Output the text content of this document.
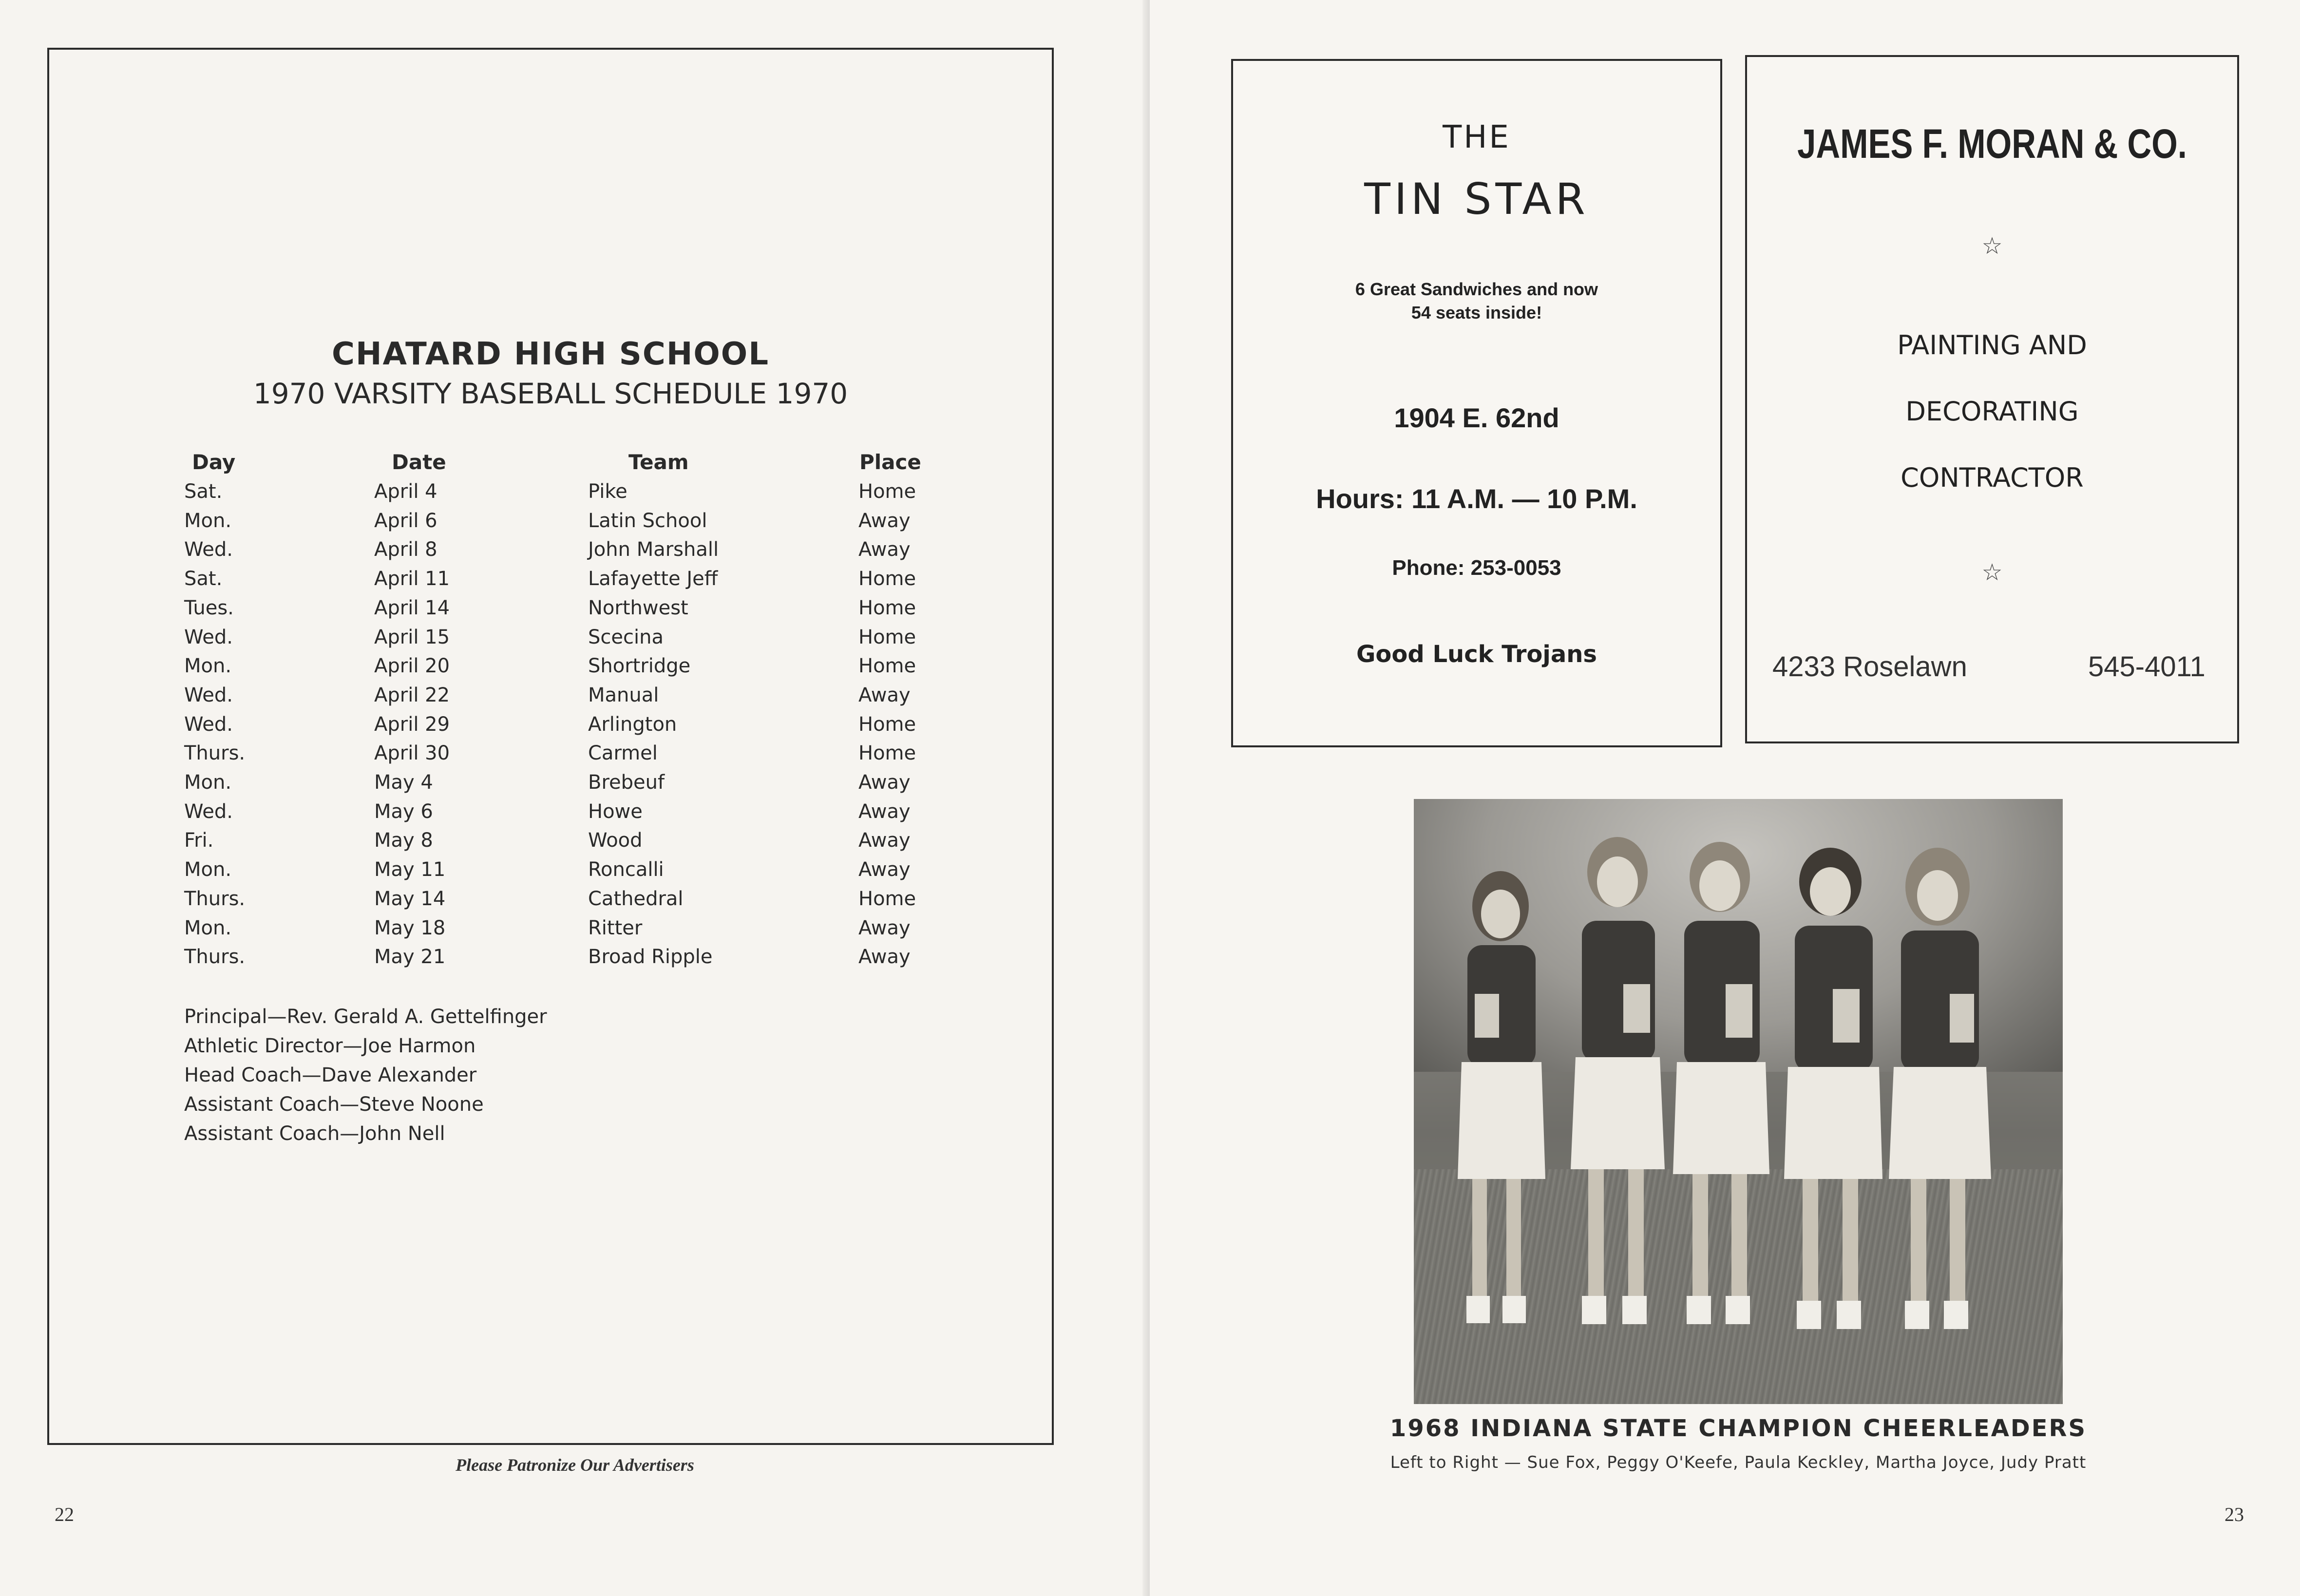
CHATARD HIGH SCHOOL
1970 VARSITY BASEBALL SCHEDULE 1970
Day	Date	Team	Place
Sat.	April 4	Pike	Home
Mon.	April 6	Latin School	Away
Wed.	April 8	John Marshall	Away
Sat.	April 11	Lafayette Jeff	Home
Tues.	April 14	Northwest	Home
Wed.	April 15	Scecina	Home
Mon.	April 20	Shortridge	Home
Wed.	April 22	Manual	Away
Wed.	April 29	Arlington	Home
Thurs.	April 30	Carmel	Home
Mon.	May 4	Brebeuf	Away
Wed.	May 6	Howe	Away
Fri.	May 8	Wood	Away
Mon.	May 11	Roncalli	Away
Thurs.	May 14	Cathedral	Home
Mon.	May 18	Ritter	Away
Thurs.	May 21	Broad Ripple	Away
Principal—Rev. Gerald A. Gettelfinger
Athletic Director—Joe Harmon
Head Coach—Dave Alexander
Assistant Coach—Steve Noone
Assistant Coach—John Nell
Please Patronize Our Advertisers
22
THE
TIN STAR
6 Great Sandwiches and now
54 seats inside!
1904 E. 62nd
Hours: 11 A.M. — 10 P.M.
Phone: 253-0053
Good Luck Trojans
JAMES F. MORAN & CO.
☆
PAINTING AND
DECORATING
CONTRACTOR
☆
4233 Roselawn	545-4011
1968 INDIANA STATE CHAMPION CHEERLEADERS
Left to Right — Sue Fox, Peggy O'Keefe, Paula Keckley, Martha Joyce, Judy Pratt
23
